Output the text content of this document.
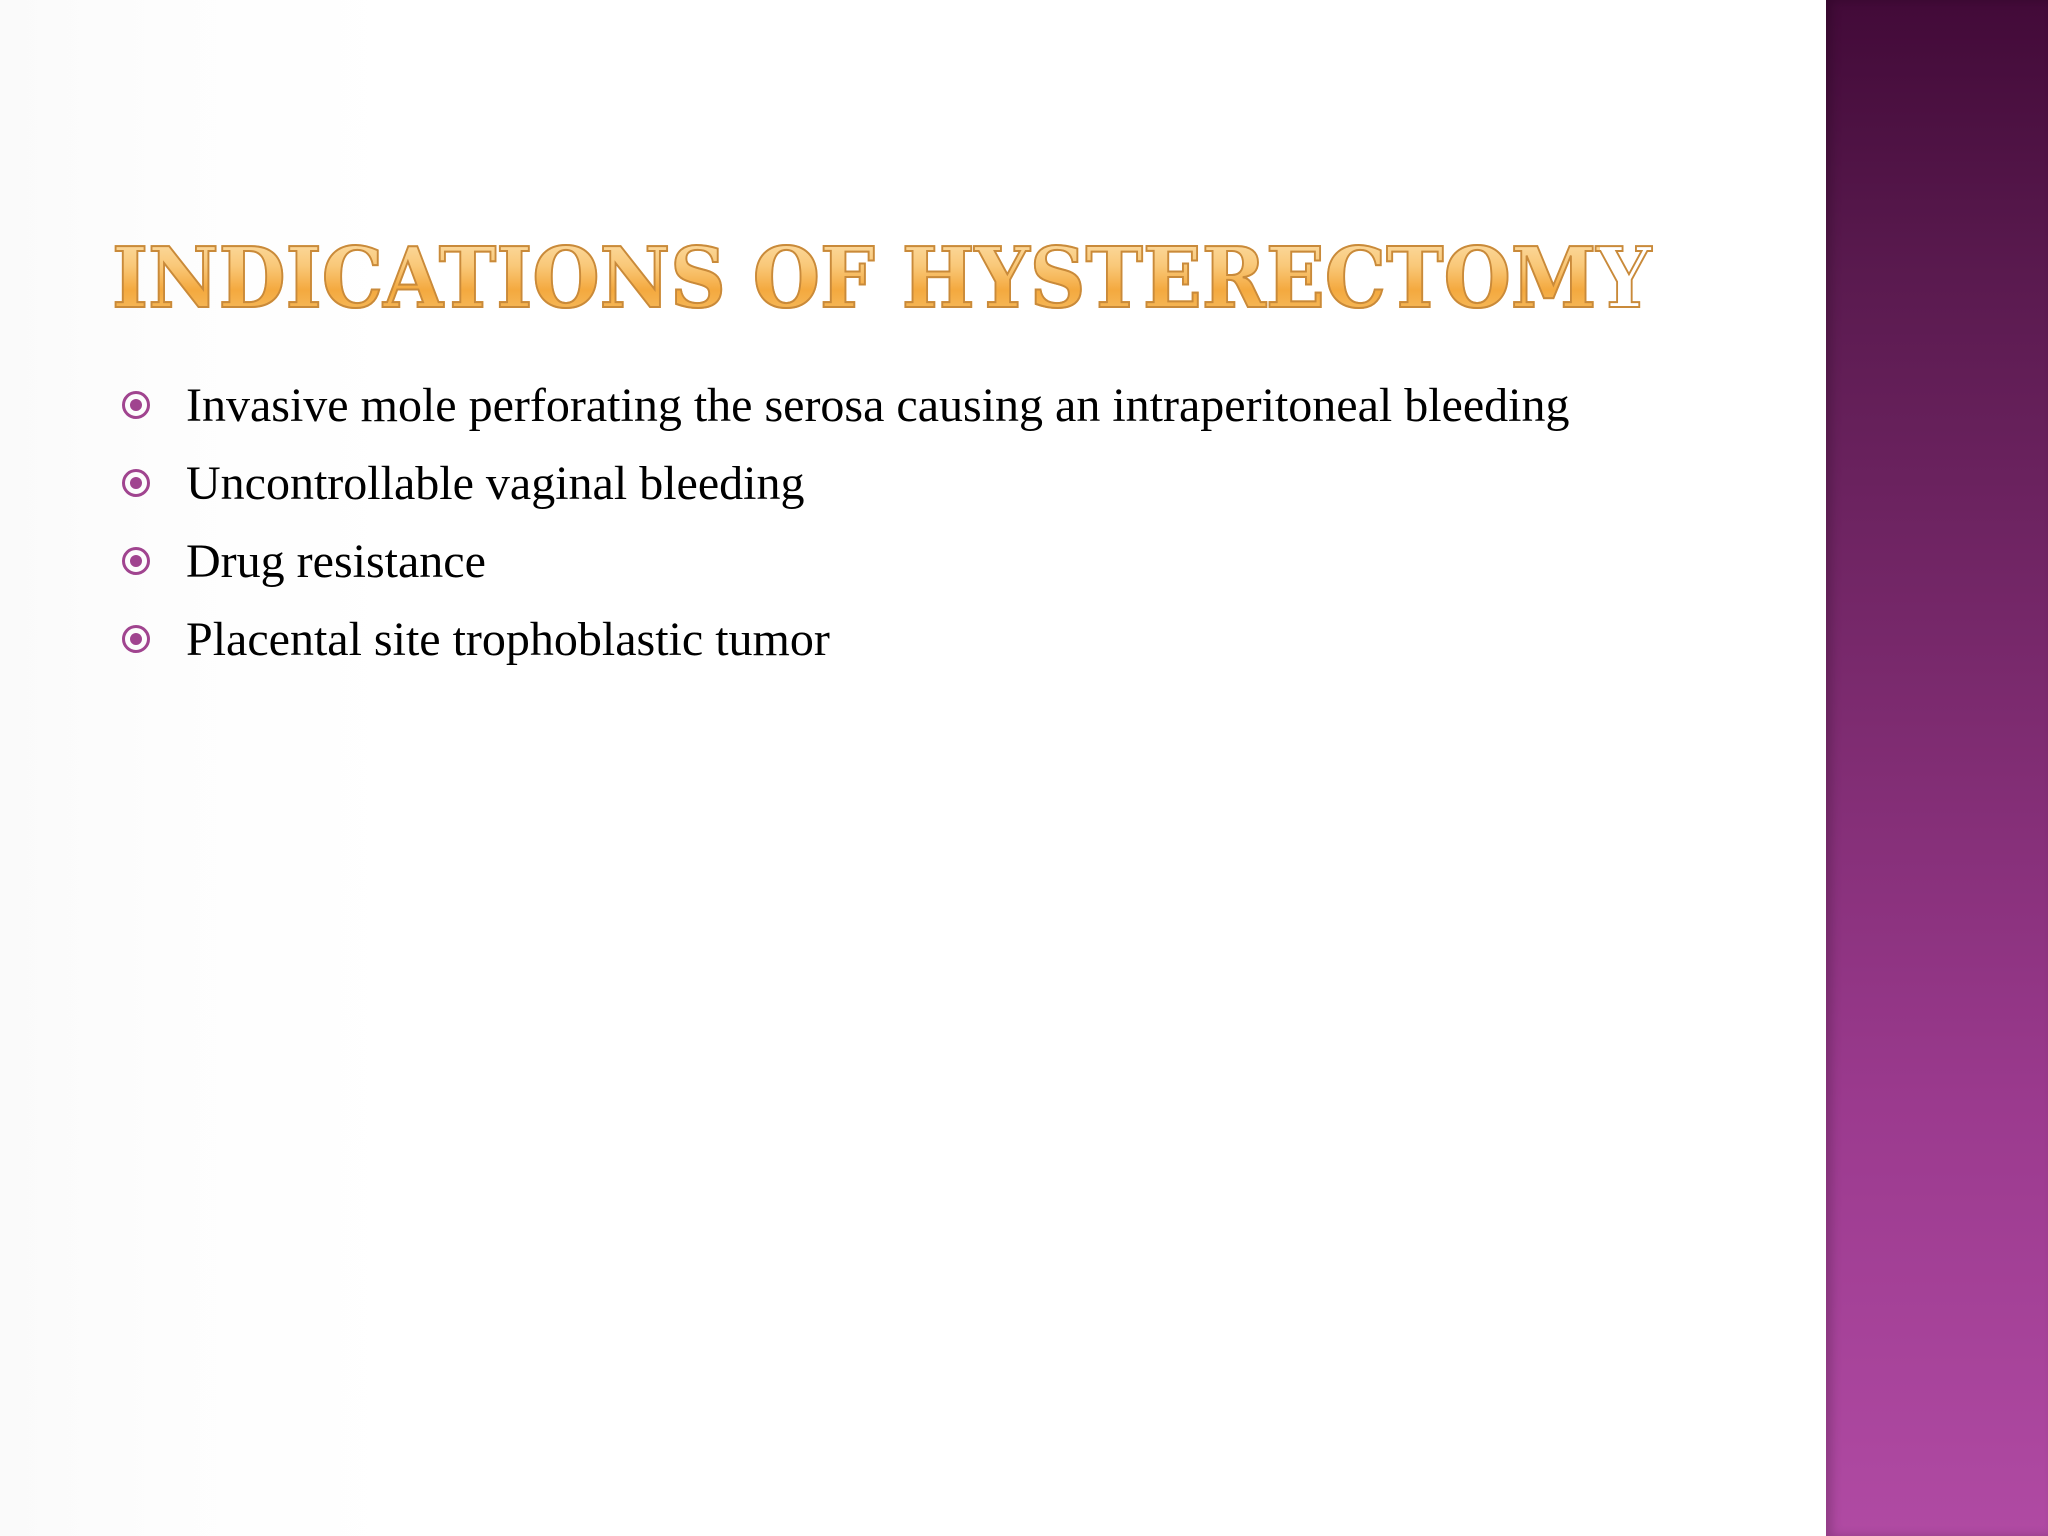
INDICATIONS OF HYSTERECTOMY
Invasive mole perforating the serosa causing an intraperitoneal bleeding
Uncontrollable vaginal bleeding
Drug resistance
Placental site trophoblastic tumor
